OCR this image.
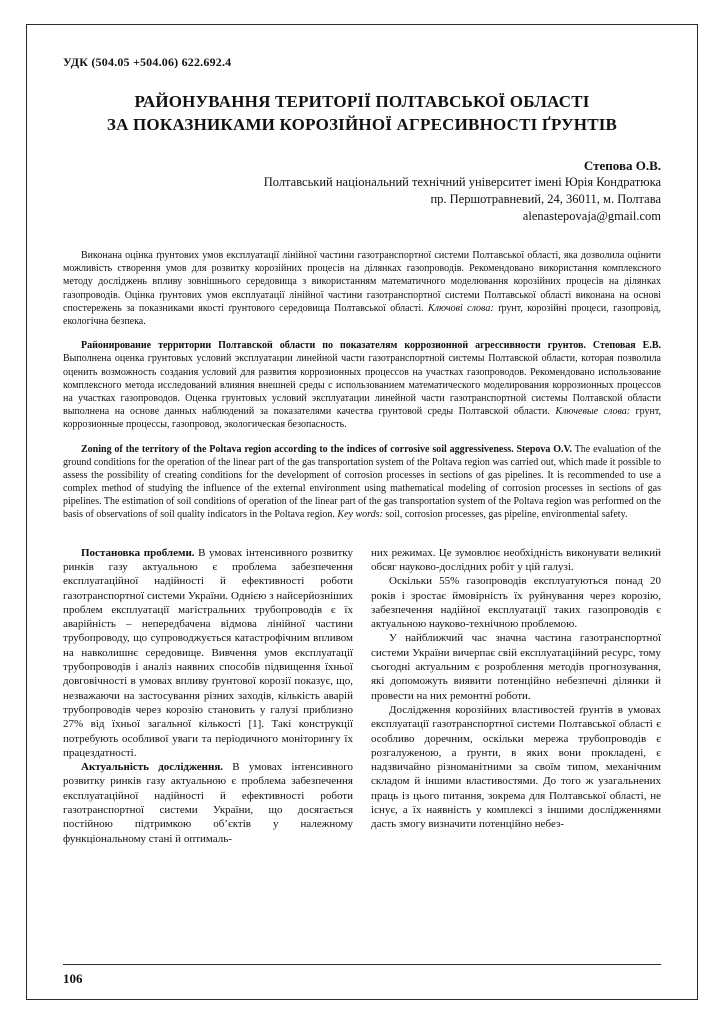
УДК (504.05 +504.06) 622.692.4

РАЙОНУВАННЯ ТЕРИТОРІЇ ПОЛТАВСЬКОЇ ОБЛАСТІ
ЗА ПОКАЗНИКАМИ КОРОЗІЙНОЇ АГРЕСИВНОСТІ ҐРУНТІВ
Степова О.В.
Полтавський національний технічний університет імені Юрія Кондратюка
пр. Першотравневий, 24, 36011, м. Полтава
alenastepovaja@gmail.com

Виконана оцінка ґрунтових умов експлуатації лінійної частини газотранспортної системи Полтавської області, яка дозволила оцінити можливість створення умов для розвитку корозійних процесів на ділянках газопроводів. Рекомендовано використання комплексного методу досліджень впливу зовнішнього середовища з використанням математичного моделювання корозійних процесів на ділянках газопроводів. Оцінка ґрунтових умов експлуатації лінійної частини газотранспортної системи Полтавської області виконана на основі спостережень за показниками якості ґрунтового середовища Полтавської області. Ключові слова: ґрунт, корозійні процеси, газопровід, екологічна безпека.

Районирование территории Полтавской области по показателям коррозионной агрессивности грунтов. Степовая Е.В. Выполнена оценка грунтовых условий эксплуатации линейной части газотранспортной системы Полтавской области, которая позволила оценить возможность создания условий для развития коррозионных процессов на участках газопроводов. Рекомендовано использование комплексного метода исследований влияния внешней среды с использованием математического моделирования коррозионных процессов на участках газопроводов. Оценка грунтовых условий эксплуатации линейной части газотранспортной системы Полтавской области выполнена на основе данных наблюдений за показателями качества грунтовой среды Полтавской области. Ключевые слова: грунт, коррозионные процессы, газопровод, экологическая безопасность.

Zoning of the territory of the Poltava region according to the indices of corrosive soil aggressiveness. Stepova O.V. The evaluation of the ground conditions for the operation of the linear part of the gas transportation system of the Poltava region was carried out, which made it possible to assess the possibility of creating conditions for the development of corrosion processes in sections of gas pipelines. It is recommended to use a complex method of studying the influence of the external environment using mathematical modeling of corrosion processes in sections of gas pipelines. The estimation of soil conditions of operation of the linear part of the gas transportation system of the Poltava region was performed on the basis of observations of soil quality indicators in the Poltava region. Key words: soil, corrosion processes, gas pipeline, environmental safety.

Постановка проблеми. В умовах інтенсивного розвитку ринків газу актуальною є проблема забезпечення експлуатаційної надійності й ефективності роботи газотранспортної системи України. Однією з найсерйозніших проблем експлуатації магістральних трубопроводів є їх аварійність – непередбачена відмова лінійної частини трубопроводу, що супроводжується катастрофічним впливом на навколишнє середовище. Вивчення умов експлуатації трубопроводів і аналіз наявних способів підвищення їхньої довговічності в умовах впливу ґрунтової корозії показує, що, незважаючи на застосування різних заходів, кількість аварій трубопроводів через корозію становить у галузі приблизно 27% від їхньої загальної кількості [1]. Такі конструкції потребують особливої уваги та періодичного моніторингу їх працездатності.

Актуальність дослідження. В умовах інтенсивного розвитку ринків газу актуальною є проблема забезпечення експлуатаційної надійності й ефективності роботи газотранспортної системи України, що досягається постійною підтримкою об’єктів у належному функціональному стані й оптималь-

них режимах. Це зумовлює необхідність виконувати великий обсяг науково-дослідних робіт у цій галузі.

Оскільки 55% газопроводів експлуатуються понад 20 років і зростає ймовірність їх руйнування через корозію, забезпечення надійної експлуатації таких газопроводів є актуальною науково-технічною проблемою.

У найближчий час значна частина газотранспортної системи України вичерпає свій експлуатаційний ресурс, тому сьогодні актуальним є розроблення методів прогнозування, які допоможуть виявити потенційно небезпечні ділянки й провести на них ремонтні роботи.

Дослідження корозійних властивостей ґрунтів в умовах експлуатації газотранспортної системи Полтавської області є особливо доречним, оскільки мережа трубопроводів є розгалуженою, а ґрунти, в яких вони прокладені, є надзвичайно різноманітними за своїм типом, механічним складом й іншими властивостями. До того ж узагальнених праць із цього питання, зокрема для Полтавської області, не існує, а їх наявність у комплексі з іншими дослідженнями дасть змогу визначити потенційно небез-

106
